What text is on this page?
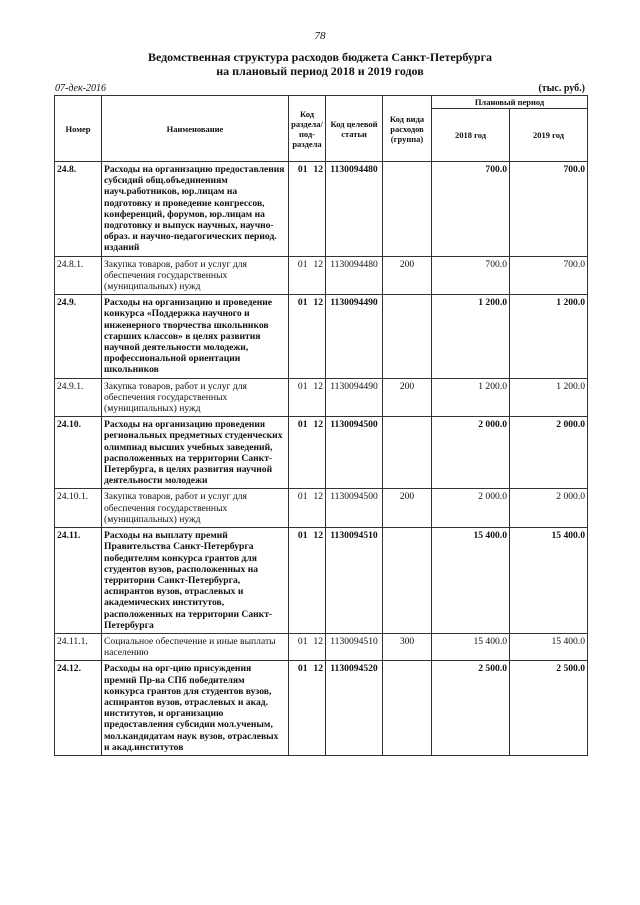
78
Ведомственная структура расходов бюджета Санкт-Петербурга
на плановый период 2018 и 2019 годов
07-дек-2016	(тыс. руб.)
Номер	Наименование	Код раздела/ под- раздела		Код целевой статьи	Код вида расходов (группа)	Плановый период	
						2018 год	2019 год
24.8.	Расходы на организацию предоставления субсидий общ.объединениям науч.работников, юр.лицам на подготовку и проведение конгрессов, конференций, форумов, юр.лицам на подготовку и выпуск научных, научно-образ. и научно-педагогических период. изданий	01	12	1130094480		700.0	700.0
24.8.1.	Закупка товаров, работ и услуг для обеспечения государственных (муниципальных) нужд	01	12	1130094480	200	700.0	700.0
24.9.	Расходы на организацию и проведение конкурса «Поддержка научного и инженерного творчества школьников старших классов» в целях развития научной деятельности молодежи, профессиональной ориентации школьников	01	12	1130094490		1 200.0	1 200.0
24.9.1.	Закупка товаров, работ и услуг для обеспечения государственных (муниципальных) нужд	01	12	1130094490	200	1 200.0	1 200.0
24.10.	Расходы на организацию проведения региональных предметных студенческих олимпиад высших учебных заведений, расположенных на территории Санкт-Петербурга, в целях развития научной деятельности молодежи	01	12	1130094500		2 000.0	2 000.0
24.10.1.	Закупка товаров, работ и услуг для обеспечения государственных (муниципальных) нужд	01	12	1130094500	200	2 000.0	2 000.0
24.11.	Расходы на выплату премий Правительства Санкт-Петербурга победителям конкурса грантов для студентов вузов, расположенных на территории Санкт-Петербурга, аспирантов вузов, отраслевых и академических институтов, расположенных на территории Санкт-Петербурга	01	12	1130094510		15 400.0	15 400.0
24.11.1.	Социальное обеспечение и иные выплаты населению	01	12	1130094510	300	15 400.0	15 400.0
24.12.	Расходы на орг-цию присуждения премий Пр-ва СПб победителям конкурса грантов для студентов вузов, аспирантов вузов, отраслевых и акад. институтов, и организацию предоставления субсидии мол.ученым, мол.кандидатам наук вузов, отраслевых и акад.институтов	01	12	1130094520		2 500.0	2 500.0
